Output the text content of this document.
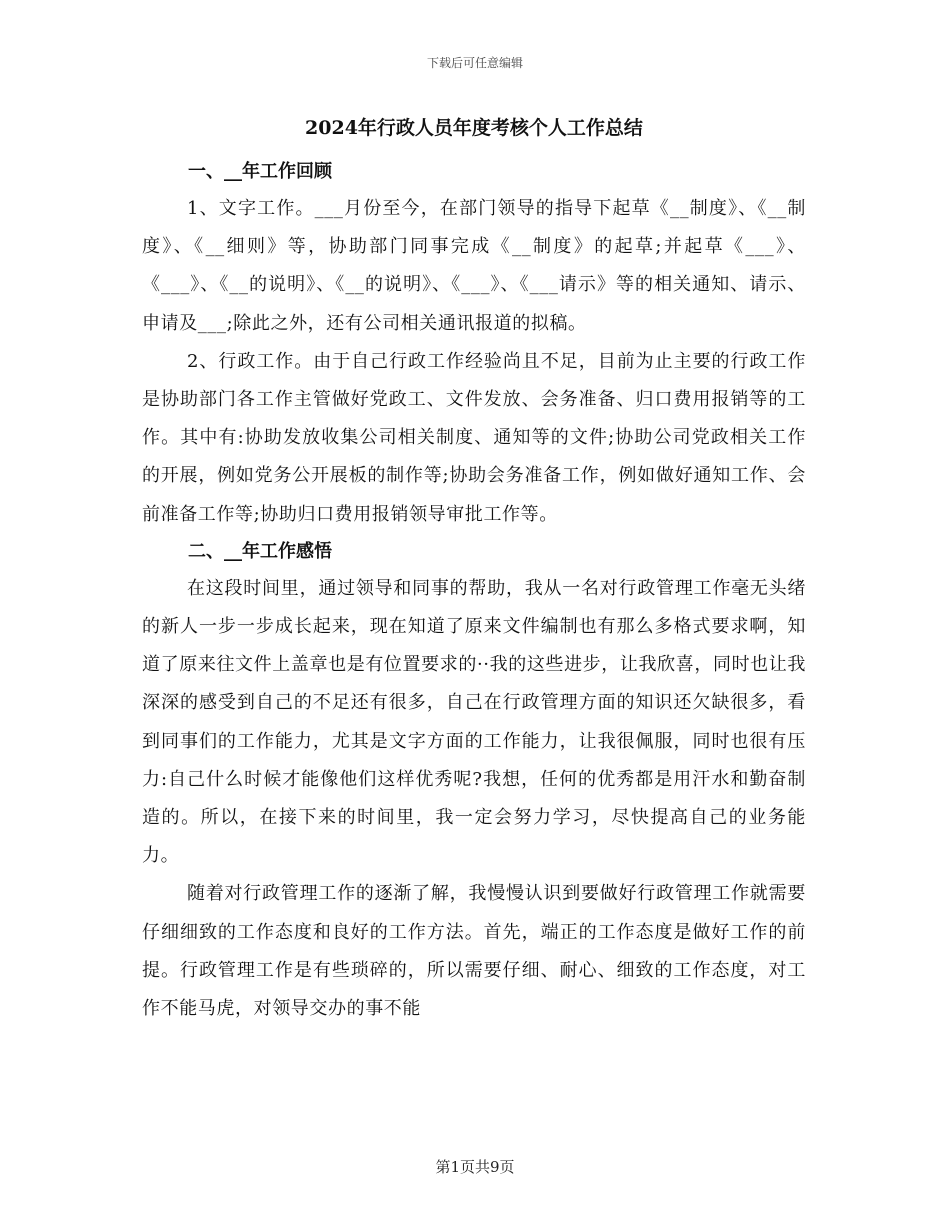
下载后可任意编辑
2024年行政人员年度考核个人工作总结
一、__年工作回顾

1、文字工作。___月份至今，在部门领导的指导下起草《__制度》、《__制度》、《__细则》等，协助部门同事完成《__制度》的起草;并起草《___》、《___》、《__的说明》、《__的说明》、《___》、《___请示》等的相关通知、请示、申请及___;除此之外，还有公司相关通讯报道的拟稿。

2、行政工作。由于自己行政工作经验尚且不足，目前为止主要的行政工作是协助部门各工作主管做好党政工、文件发放、会务准备、归口费用报销等的工作。其中有:协助发放收集公司相关制度、通知等的文件;协助公司党政相关工作的开展，例如党务公开展板的制作等;协助会务准备工作，例如做好通知工作、会前准备工作等;协助归口费用报销领导审批工作等。

二、__年工作感悟

在这段时间里，通过领导和同事的帮助，我从一名对行政管理工作毫无头绪的新人一步一步成长起来，现在知道了原来文件编制也有那么多格式要求啊，知道了原来往文件上盖章也是有位置要求的··我的这些进步，让我欣喜，同时也让我深深的感受到自己的不足还有很多，自己在行政管理方面的知识还欠缺很多，看到同事们的工作能力，尤其是文字方面的工作能力，让我很佩服，同时也很有压力:自己什么时候才能像他们这样优秀呢?我想，任何的优秀都是用汗水和勤奋制造的。所以，在接下来的时间里，我一定会努力学习，尽快提高自己的业务能力。

随着对行政管理工作的逐渐了解，我慢慢认识到要做好行政管理工作就需要仔细细致的工作态度和良好的工作方法。首先，端正的工作态度是做好工作的前提。行政管理工作是有些琐碎的，所以需要仔细、耐心、细致的工作态度，对工作不能马虎，对领导交办的事不能

第1页共9页
